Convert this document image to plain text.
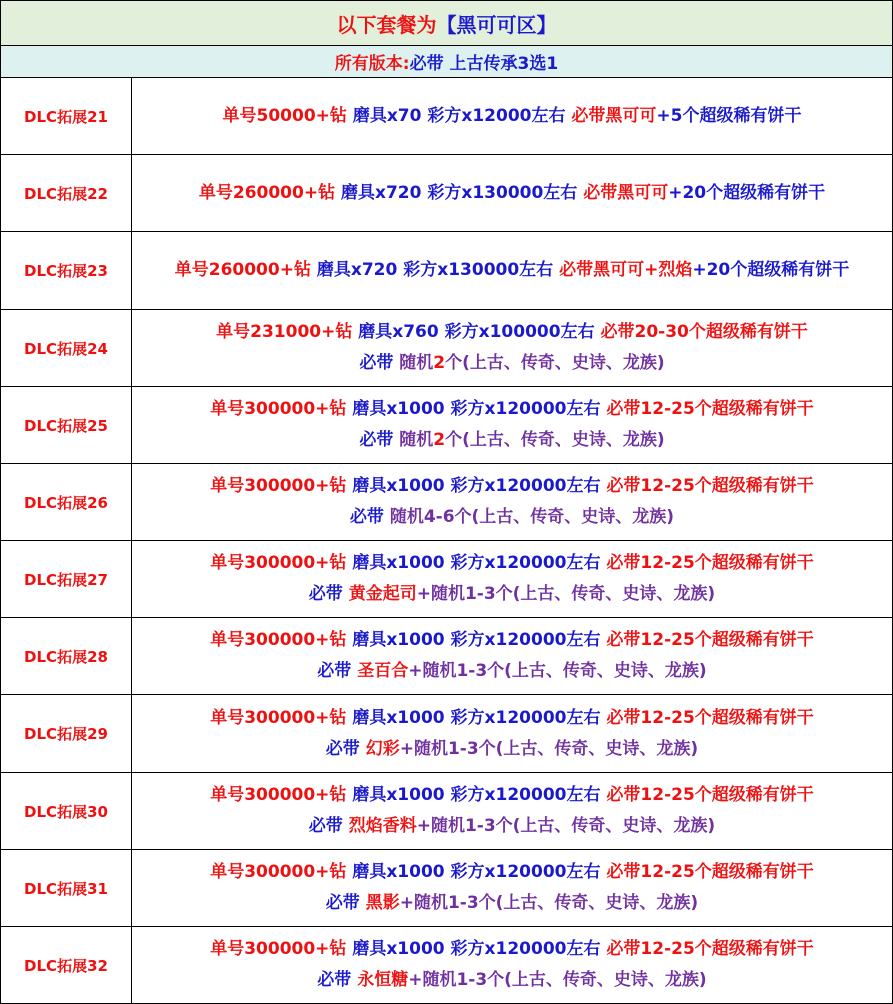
以下套餐为 【黑可可区】
所有版本: 必带 上古传承3选1
DLC拓展21	单号50000+钻 磨具x70 彩方x12000左右 必带黑可可+5个超级稀有饼干
DLC拓展22	单号260000+钻 磨具x720 彩方x130000左右 必带黑可可+20个超级稀有饼干
DLC拓展23	单号260000+钻 磨具x720 彩方x130000左右 必带黑可可+烈焰+20个超级稀有饼干
DLC拓展24
单号231000+钻 磨具x760 彩方x100000左右 必带20-30个超级稀有饼干
必带 随机2个(上古、传奇、史诗、龙族)
DLC拓展25
单号300000+钻 磨具x1000 彩方x120000左右 必带12-25个超级稀有饼干
必带 随机2个(上古、传奇、史诗、龙族)
DLC拓展26
单号300000+钻 磨具x1000 彩方x120000左右 必带12-25个超级稀有饼干
必带 随机4-6个(上古、传奇、史诗、龙族)
DLC拓展27
单号300000+钻 磨具x1000 彩方x120000左右 必带12-25个超级稀有饼干
必带 黄金起司+随机1-3个(上古、传奇、史诗、龙族)
DLC拓展28
单号300000+钻 磨具x1000 彩方x120000左右 必带12-25个超级稀有饼干
必带 圣百合+随机1-3个(上古、传奇、史诗、龙族)
DLC拓展29
单号300000+钻 磨具x1000 彩方x120000左右 必带12-25个超级稀有饼干
必带 幻彩+随机1-3个(上古、传奇、史诗、龙族)
DLC拓展30
单号300000+钻 磨具x1000 彩方x120000左右 必带12-25个超级稀有饼干
必带 烈焰香料+随机1-3个(上古、传奇、史诗、龙族)
DLC拓展31
单号300000+钻 磨具x1000 彩方x120000左右 必带12-25个超级稀有饼干
必带 黑影+随机1-3个(上古、传奇、史诗、龙族)
DLC拓展32
单号300000+钻 磨具x1000 彩方x120000左右 必带12-25个超级稀有饼干
必带 永恒糖+随机1-3个(上古、传奇、史诗、龙族)
